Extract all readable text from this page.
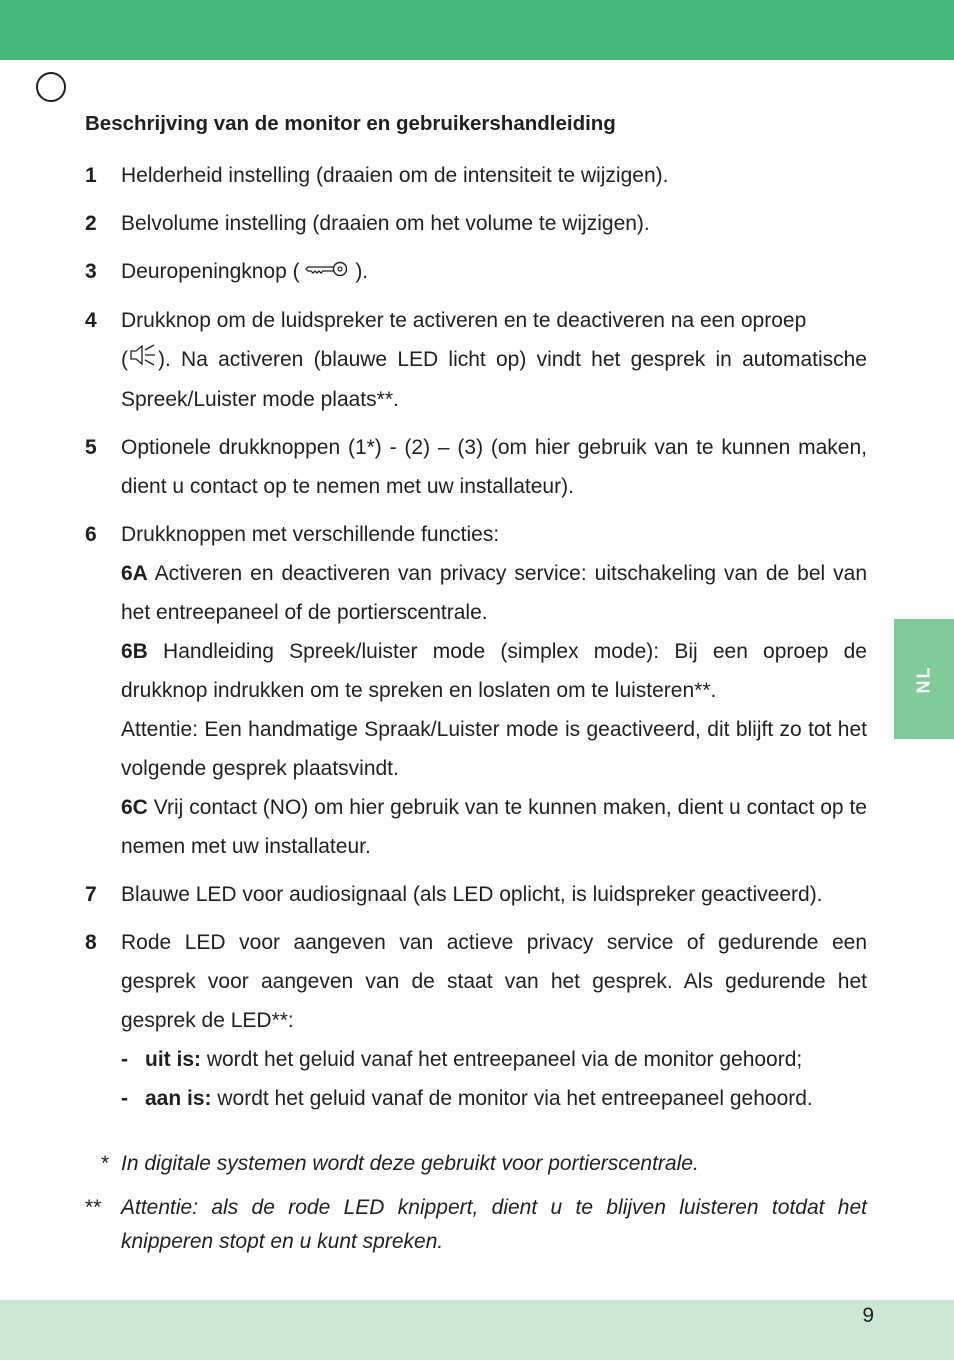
NL
Beschrijving van de monitor en gebruikershandleiding
1 Helderheid instelling (draaien om de intensiteit te wijzigen).
2 Belvolume instelling (draaien om het volume te wijzigen).
3 Deuropeningknop (	).
4 Drukknop om de luidspreker te activeren en te deactiveren na een oproep
( ). Na activeren (blauwe LED licht op) vindt het gesprek in automatische Spreek/Luister mode plaats**.
5 Optionele drukknoppen (1*) - (2) – (3) (om hier gebruik van te kunnen maken, dient u contact op te nemen met uw installateur).
6 Drukknoppen met verschillende functies:
6A Activeren en deactiveren van privacy service: uitschakeling van de bel van het entreepaneel of de portierscentrale.
6B Handleiding Spreek/luister mode (simplex mode): Bij een oproep de drukknop indrukken om te spreken en loslaten om te luisteren**.
Attentie: Een handmatige Spraak/Luister mode is geactiveerd, dit blijft zo tot het volgende gesprek plaatsvindt.
6C Vrij contact (NO) om hier gebruik van te kunnen maken, dient u contact op te nemen met uw installateur.
7 Blauwe LED voor audiosignaal (als LED oplicht, is luidspreker geactiveerd).
8 Rode LED voor aangeven van actieve privacy service of gedurende een gesprek voor aangeven van de staat van het gesprek. Als gedurende het gesprek de LED**:
- uit is: wordt het geluid vanaf het entreepaneel via de monitor gehoord;
- aan is: wordt het geluid vanaf de monitor via het entreepaneel gehoord.
* In digitale systemen wordt deze gebruikt voor portierscentrale.
** Attentie: als de rode LED knippert, dient u te blijven luisteren totdat het knipperen stopt en u kunt spreken.
9
